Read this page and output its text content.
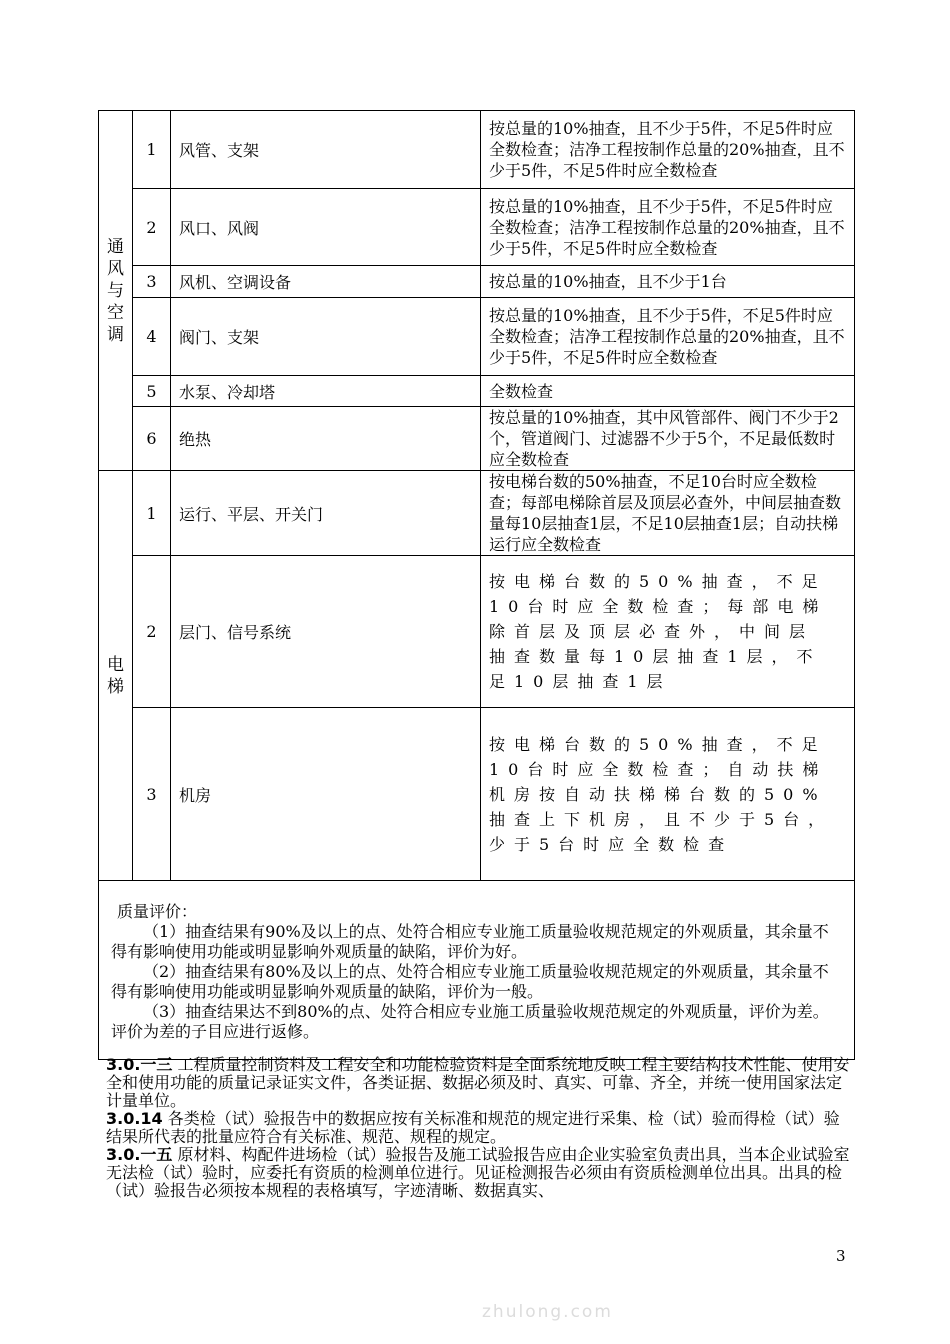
通
风
与
空
调	1	风管、支架	按总量的10%抽查，且不少于5件，不足5件时应全数检查；洁净工程按制作总量的20%抽查，且不少于5件，不足5件时应全数检查
	2	风口、风阀	按总量的10%抽查，且不少于5件，不足5件时应全数检查；洁净工程按制作总量的20%抽查，且不少于5件，不足5件时应全数检查
	3	风机、空调设备	按总量的10%抽查，且不少于1台
	4	阀门、支架	按总量的10%抽查，且不少于5件，不足5件时应全数检查；洁净工程按制作总量的20%抽查，且不少于5件，不足5件时应全数检查
	5	水泵、冷却塔	全数检查
	6	绝热	按总量的10%抽查，其中风管部件、阀门不少于2个，管道阀门、过滤器不少于5个，不足最低数时应全数检查

电
梯	1	运行、平层、开关门	按电梯台数的50%抽查，不足10台时应全数检查；每部电梯除首层及顶层必查外，中间层抽查数量每10层抽查1层，不足10层抽查1层；自动扶梯运行应全数检查
	2	层门、信号系统	按电梯台数的50%抽查，不足10台时应全数检查；每部电梯除首层及顶层必查外，中间层抽查数量每10层抽查1层，不足10层抽查1层
	3	机房	按电梯台数的50%抽查，不足10台时应全数检查；自动扶梯机房按自动扶梯梯台数的50%抽查上下机房，且不少于5台，少于5台时应全数检查

质量评价：

（1）抽查结果有90%及以上的点、处符合相应专业施工质量验收规范规定的外观质量，其余量不得有影响使用功能或明显影响外观质量的缺陷，评价为好。

（2）抽查结果有80%及以上的点、处符合相应专业施工质量验收规范规定的外观质量，其余量不得有影响使用功能或明显影响外观质量的缺陷，评价为一般。

（3）抽查结果达不到80%的点、处符合相应专业施工质量验收规范规定的外观质量，评价为差。评价为差的子目应进行返修。			

3.0.一三 工程质量控制资料及工程安全和功能检验资料是全面系统地反映工程主要结构技术性能、使用安全和使用功能的质量记录证实文件，各类证据、数据必须及时、真实、可靠、齐全，并统一使用国家法定计量单位。

3.0.14 各类检（试）验报告中的数据应按有关标准和规范的规定进行采集、检（试）验而得检（试）验结果所代表的批量应符合有关标准、规范、规程的规定。

3.0.一五 原材料、构配件进场检（试）验报告及施工试验报告应由企业实验室负责出具，当本企业试验室无法检（试）验时，应委托有资质的检测单位进行。见证检测报告必须由有资质检测单位出具。出具的检（试）验报告必须按本规程的表格填写，字迹清晰、数据真实、

3
zhulong.com
